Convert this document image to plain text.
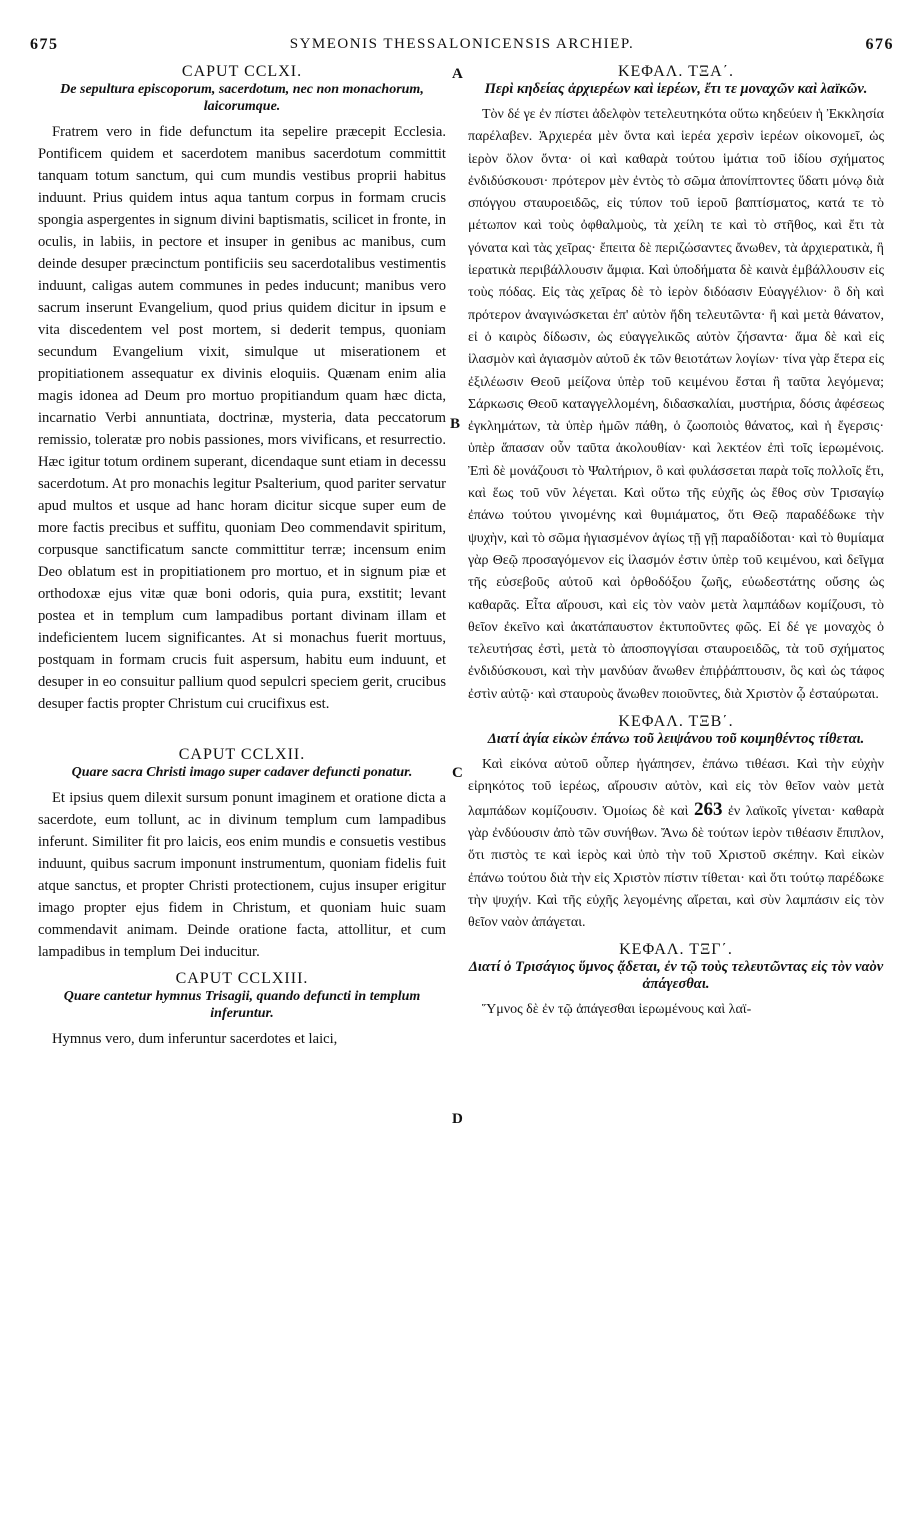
675	SYMEONIS THESSALONICENSIS ARCHIEP.	676
A
B
C
D

CAPUT CCLXI.

De sepultura episcoporum, sacerdotum, nec non monachorum, laicorumque.

Fratrem vero in fide defunctum ita sepelire præcepit Ecclesia. Pontificem quidem et sacerdotem manibus sacerdotum committit tanquam totum sanctum, qui cum mundis vestibus proprii habitus induunt. Prius quidem intus aqua tantum corpus in formam crucis spongia aspergentes in signum divini baptismatis, scilicet in fronte, in oculis, in labiis, in pectore et insuper in genibus ac manibus, cum deinde desuper præcinctum pontificiis seu sacerdotalibus vestimentis induunt, caligas autem communes in pedes inducunt; manibus vero sacrum inserunt Evangelium, quod prius quidem dicitur in ipsum e vita discedentem vel post mortem, si dederit tempus, quoniam secundum Evangelium vixit, simulque ut miserationem et propitiationem assequatur ex divinis eloquiis. Quænam enim alia magis idonea ad Deum pro mortuo propitiandum quam hæc dicta, incarnatio Verbi annuntiata, doctrinæ, mysteria, data peccatorum remissio, toleratæ pro nobis passiones, mors vivificans, et resurrectio. Hæc igitur totum ordinem superant, dicendaque sunt etiam in decessu sacerdotum. At pro monachis legitur Psalterium, quod pariter servatur apud multos et usque ad hanc horam dicitur sicque super eum de more factis precibus et suffitu, quoniam Deo commendavit spiritum, corpusque sanctificatum sancte committitur terræ; incensum enim Deo oblatum est in propitiationem pro mortuo, et in signum piæ et orthodoxæ ejus vitæ quæ boni odoris, quia pura, exstitit; levant postea et in templum cum lampadibus portant divinam illam et indeficientem lucem significantes. At si monachus fuerit mortuus, postquam in formam crucis fuit aspersum, habitu eum induunt, et desuper in eo consuitur pallium quod sepulcri speciem gerit, crucibus desuper factis propter Christum cui crucifixus est.

CAPUT CCLXII.

Quare sacra Christi imago super cadaver defuncti ponatur.

Et ipsius quem dilexit sursum ponunt imaginem et oratione dicta a sacerdote, eum tollunt, ac in divinum templum cum lampadibus inferunt. Similiter fit pro laicis, eos enim mundis e consuetis vestibus induunt, quibus sacrum imponunt instrumentum, quoniam fidelis fuit atque sanctus, et propter Christi protectionem, cujus insuper erigitur imago propter ejus fidem in Christum, et quoniam huic suam commendavit animam. Deinde oratione facta, attollitur, et cum lampadibus in templum Dei inducitur.

CAPUT CCLXIII.

Quare cantetur hymnus Trisagii, quando defuncti in templum inferuntur.

Hymnus vero, dum inferuntur sacerdotes et laici,

ΚΕΦΑΛ. ΤΞΑ΄.

Περὶ κηδείας ἀρχιερέων καὶ ἱερέων, ἔτι τε μοναχῶν καὶ λαϊκῶν.

Τὸν δέ γε ἐν πίστει ἀδελφὸν τετελευτηκότα οὕτω κηδεύειν ἡ Ἐκκλησία παρέλαβεν. Ἀρχιερέα μὲν ὄντα καὶ ἱερέα χερσὶν ἱερέων οἰκονομεῖ, ὡς ἱερὸν ὅλον ὄντα· οἱ καὶ καθαρὰ τούτου ἱμάτια τοῦ ἰδίου σχήματος ἐνδιδύσκουσι· πρότερον μὲν ἐντὸς τὸ σῶμα ἀπονίπτοντες ὕδατι μόνῳ διὰ σπόγγου σταυροειδῶς, εἰς τύπον τοῦ ἱεροῦ βαπτίσματος, κατά τε τὸ μέτωπον καὶ τοὺς ὀφθαλμοὺς, τὰ χείλη τε καὶ τὸ στῆθος, καὶ ἔτι τὰ γόνατα καὶ τὰς χεῖρας· ἔπειτα δὲ περιζώσαντες ἄνωθεν, τὰ ἀρχιερατικὰ, ἢ ἱερατικὰ περιβάλλουσιν ἄμφια. Καὶ ὑποδήματα δὲ καινὰ ἐμβάλλουσιν εἰς τοὺς πόδας. Εἰς τὰς χεῖρας δὲ τὸ ἱερὸν διδόασιν Εὐαγγέλιον· ὃ δὴ καὶ πρότερον ἀναγινώσκεται ἐπ' αὐτὸν ἤδη τελευτῶντα· ἢ καὶ μετὰ θάνατον, εἰ ὁ καιρὸς δίδωσιν, ὡς εὐαγγελικῶς αὐτὸν ζήσαντα· ἅμα δὲ καὶ εἰς ἱλασμὸν καὶ ἁγιασμὸν αὐτοῦ ἐκ τῶν θειοτάτων λογίων· τίνα γὰρ ἕτερα εἰς ἐξιλέωσιν Θεοῦ μείζονα ὑπὲρ τοῦ κειμένου ἔσται ἢ ταῦτα λεγόμενα; Σάρκωσις Θεοῦ καταγγελλομένη, διδασκαλίαι, μυστήρια, δόσις ἀφέσεως ἐγκλημάτων, τὰ ὑπὲρ ἡμῶν πάθη, ὁ ζωοποιὸς θάνατος, καὶ ἡ ἔγερσις· ὑπὲρ ἅπασαν οὖν ταῦτα ἀκολουθίαν· καὶ λεκτέον ἐπὶ τοῖς ἱερωμένοις. Ἐπὶ δὲ μονάζουσι τὸ Ψαλτήριον, ὃ καὶ φυλάσσεται παρὰ τοῖς πολλοῖς ἔτι, καὶ ἕως τοῦ νῦν λέγεται. Καὶ οὕτω τῆς εὐχῆς ὡς ἔθος σὺν Τρισαγίῳ ἐπάνω τούτου γινομένης καὶ θυμιάματος, ὅτι Θεῷ παραδέδωκε τὴν ψυχὴν, καὶ τὸ σῶμα ἡγιασμένον ἁγίως τῇ γῇ παραδίδοται· καὶ τὸ θυμίαμα γὰρ Θεῷ προσαγόμενον εἰς ἱλασμόν ἐστιν ὑπὲρ τοῦ κειμένου, καὶ δεῖγμα τῆς εὐσεβοῦς αὐτοῦ καὶ ὀρθοδόξου ζωῆς, εὐωδεστάτης οὔσης ὡς καθαρᾶς. Εἶτα αἴρουσι, καὶ εἰς τὸν ναὸν μετὰ λαμπάδων κομίζουσι, τὸ θεῖον ἐκεῖνο καὶ ἀκατάπαυστον ἐκτυποῦντες φῶς. Εἰ δέ γε μοναχὸς ὁ τελευτήσας ἐστὶ, μετὰ τὸ ἀποσπογγίσαι σταυροειδῶς, τὰ τοῦ σχήματος ἐνδιδύσκουσι, καὶ τὴν μανδύαν ἄνωθεν ἐπιῤῥάπτουσιν, ὃς καὶ ὡς τάφος ἐστὶν αὐτῷ· καὶ σταυροὺς ἄνωθεν ποιοῦντες, διὰ Χριστὸν ᾧ ἐσταύρωται.

ΚΕΦΑΛ. ΤΞΒ΄.

Διατί ἁγία εἰκὼν ἐπάνω τοῦ λειψάνου τοῦ κοιμηθέντος τίθεται.

Καὶ εἰκόνα αὐτοῦ οὗπερ ἠγάπησεν, ἐπάνω τιθέασι. Καὶ τὴν εὐχὴν εἰρηκότος τοῦ ἱερέως, αἴρουσιν αὐτὸν, καὶ εἰς τὸν θεῖον ναὸν μετὰ λαμπάδων κομίζουσιν. Ὁμοίως δὲ καὶ 263 ἐν λαϊκοῖς γίνεται· καθαρὰ γὰρ ἐνδύουσιν ἀπὸ τῶν συνήθων. Ἄνω δὲ τούτων ἱερὸν τιθέασιν ἔπιπλον, ὅτι πιστὸς τε καὶ ἱερὸς καὶ ὑπὸ τὴν τοῦ Χριστοῦ σκέπην. Καὶ εἰκὼν ἐπάνω τούτου διὰ τὴν εἰς Χριστὸν πίστιν τίθεται· καὶ ὅτι τούτῳ παρέδωκε τὴν ψυχήν. Καὶ τῆς εὐχῆς λεγομένης αἴρεται, καὶ σὺν λαμπάσιν εἰς τὸν θεῖον ναὸν ἀπάγεται.

ΚΕΦΑΛ. ΤΞΓ΄.

Διατί ὁ Τρισάγιος ὕμνος ᾄδεται, ἐν τῷ τοὺς τελευτῶντας εἰς τὸν ναὸν ἀπάγεσθαι.

Ὕμνος δὲ ἐν τῷ ἀπάγεσθαι ἱερωμένους καὶ λαϊ-
